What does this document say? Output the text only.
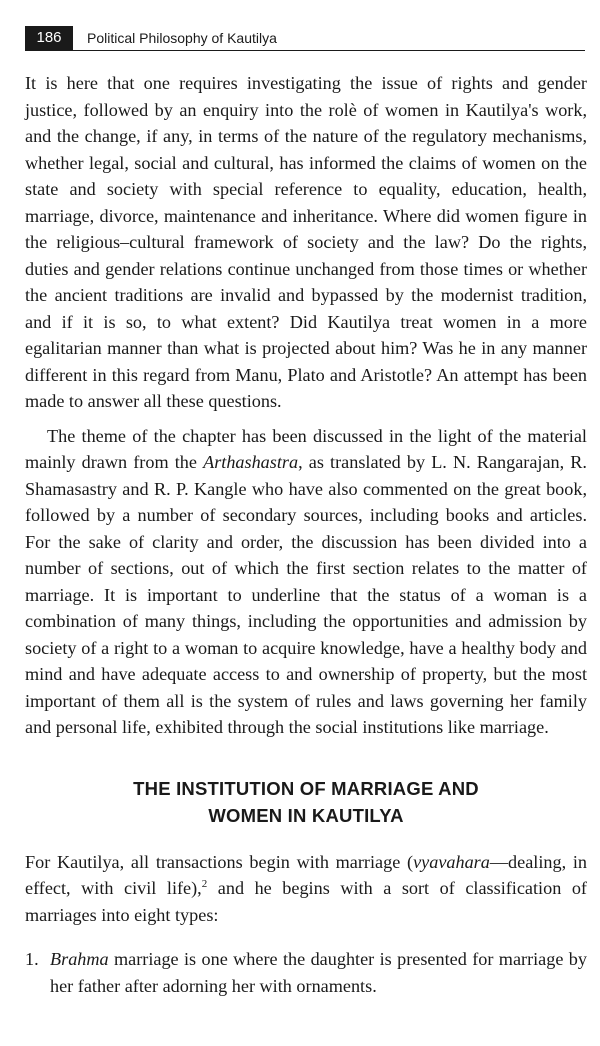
186	Political Philosophy of Kautilya

It is here that one requires investigating the issue of rights and gender justice, followed by an enquiry into the rolè of women in Kautilya's work, and the change, if any, in terms of the nature of the regulatory mechanisms, whether legal, social and cultural, has informed the claims of women on the state and society with special reference to equality, education, health, marriage, divorce, maintenance and inheritance. Where did women figure in the religious–cultural framework of society and the law? Do the rights, duties and gender relations continue unchanged from those times or whether the ancient traditions are invalid and bypassed by the modernist tradition, and if it is so, to what extent? Did Kautilya treat women in a more egalitarian manner than what is projected about him? Was he in any manner different in this regard from Manu, Plato and Aristotle? An attempt has been made to answer all these questions.

The theme of the chapter has been discussed in the light of the material mainly drawn from the Arthashastra, as translated by L. N. Rangarajan, R. Shamasastry and R. P. Kangle who have also commented on the great book, followed by a number of secondary sources, including books and articles. For the sake of clarity and order, the discussion has been divided into a number of sections, out of which the first section relates to the matter of marriage. It is important to underline that the status of a woman is a combination of many things, including the opportunities and admission by society of a right to a woman to acquire knowledge, have a healthy body and mind and have adequate access to and ownership of property, but the most important of them all is the system of rules and laws governing her family and personal life, exhibited through the social institutions like marriage.

THE INSTITUTION OF MARRIAGE AND
WOMEN IN KAUTILYA

For Kautilya, all transactions begin with marriage (vyavahara—dealing, in effect, with civil life),$^2$ and he begins with a sort of classification of marriages into eight types:

1. Brahma marriage is one where the daughter is presented for marriage by her father after adorning her with ornaments.
